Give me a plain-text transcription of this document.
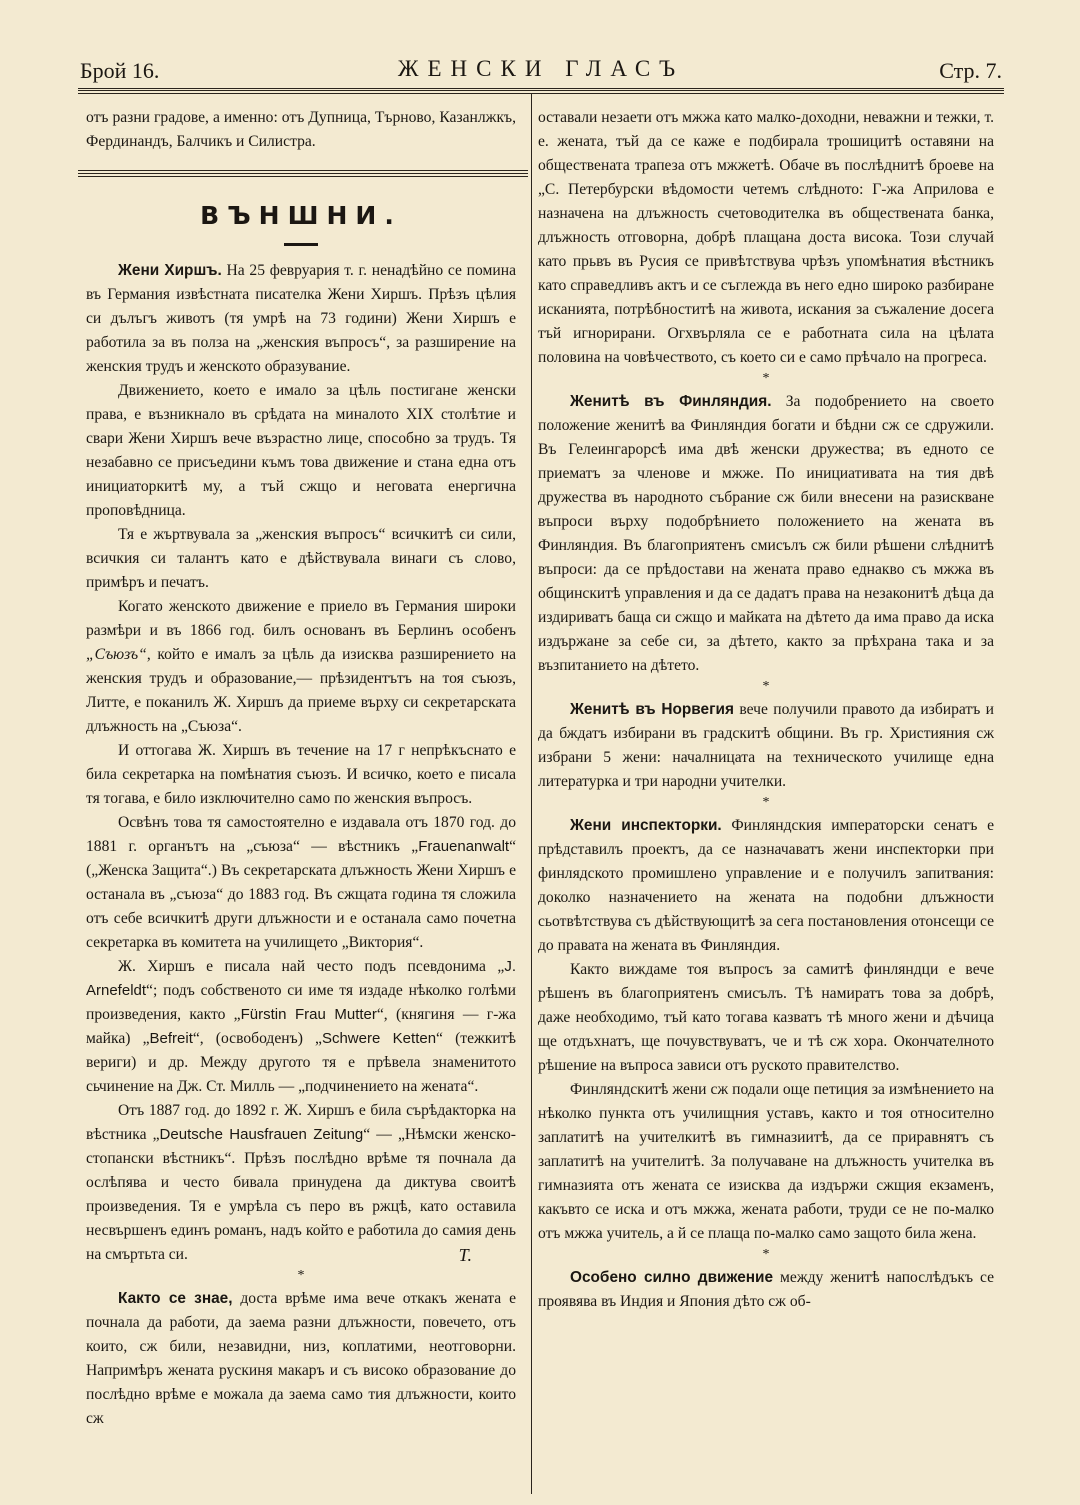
Брой 16.	ЖЕНСКИ ГЛАСЪ	Стр. 7.

отъ разни градове, а именно: отъ Дупница, Търново, Казанлжкъ, Фердинандъ, Балчикъ и Силистра.

ВЪНШНИ.

Жени Хиршъ. На 25 февруария т. г. ненадѣйно се помина въ Германия извѣстната писателка Жени Хиршъ. Прѣзъ цѣлия си дълъгъ животъ (тя умрѣ на 73 години) Жени Хиршъ е работила за въ полза на „женския въпросъ“, за разширение на женския трудъ и женското образувание.

Движението, което е имало за цѣль постигане женски права, е възникнало въ срѣдата на миналото XIX столѣтие и свари Жени Хиршъ вече възрастно лице, способно за трудъ. Тя незабавно се присъедини къмъ това движение и стана една отъ инициаторкитѣ му, а тъй сжщо и неговата енергична проповѣдница.

Тя е жъртвувала за „женския въпросъ“ всичкитѣ си сили, всичкия си талантъ като е дѣйствувала винаги съ слово, примѣръ и печатъ.

Когато женското движение е приело въ Германия широки размѣри и въ 1866 год. билъ основанъ въ Берлинъ особенъ „Съюзъ“, който е ималъ за цѣль да изисква разширението на женския трудъ и образование,— прѣзидентътъ на тоя съюзъ, Литте, е поканилъ Ж. Хиршъ да приеме върху си секретарската длъжность на „Съюза“.

И оттогава Ж. Хиршъ въ течение на 17 г непрѣкъснато е била секретарка на помѣнатия съюзъ. И всичко, което е писала тя тогава, е било изключително само по женския въпросъ.

Освѣнъ това тя самостоятелно е издавала отъ 1870 год. до 1881 г. органътъ на „съюза“ — вѣстникъ „Frauenanwalt“ („Женска Защита“.) Въ секретарската длъжность Жени Хиршъ е останала въ „съюза“ до 1883 год. Въ сжщата година тя сложила отъ себе всичкитѣ други длъжности и е останала само почетна секретарка въ комитета на училището „Виктория“.

Ж. Хиршъ е писала най често подъ псевдонима „J. Arnefeldt“; подъ собственото си име тя издаде нѣколко голѣми произведения, както „Fürstin Frau Mutter“, (княгиня — г-жа майка) „Befreit“, (освободенъ) „Schwere Ketten“ (тежкитѣ вериги) и др. Между другото тя е прѣвела знаменитото сьчинение на Дж. Ст. Милль — „подчинението на жената“.

Отъ 1887 год. до 1892 г. Ж. Хиршъ е била сърѣдакторка на вѣстника „Deutsche Hausfrauen Zeitung“ — „Нѣмски женско-стопански вѣстникъ“. Прѣзъ послѣдно врѣме тя почнала да ослѣпява и често бивала принудена да диктува своитѣ произведения. Тя е умрѣла съ перо въ ржцѣ, като оставила несвършенъ единъ романъ, надъ който е работила до самия день на смъртьта си.	Т.

*

Както се знае, доста врѣме има вече откакъ жената е почнала да работи, да заема разни длъжности, повечето, отъ които, сж били, незавидни, низ, коплатими, неотговорни. Напримѣръ жената рускиня макаръ и съ високо образование до послѣдно врѣме е можала да заема само тия длъжности, които сж

оставали незаети отъ мжжа като малко-доходни, неважни и тежки, т. е. жената, тъй да се каже е подбирала трошицитѣ оставяни на обществената трапеза отъ мжжетѣ. Обаче въ послѣднитѣ броеве на „С. Петербурски вѣдомости четемъ слѣдното: Г-жа Априлова е назначена на длъжность счетоводителка въ обществената банка, длъжность отговорна, добрѣ плащана доста висока. Този случай като прьвъ въ Русия се привѣтствува чрѣзъ упомѣнатия вѣстникъ като справедливъ актъ и се съглежда въ него едно широко разбиране исканията, потрѣбноститѣ на живота, искания за съжаление досега тъй игнорирани. Огхвърляла се е работната сила на цѣлата половина на човѣчеството, съ което си е само прѣчало на прогреса.

*

Женитѣ въ Финляндия. За подобрението на своето положение женитѣ ва Финляндия богати и бѣдни сж се сдружили. Въ Гелеингарорсѣ има двѣ женски дружества; въ едното се приематъ за членове и мжже. По инициативата на тия двѣ дружества въ народното събрание сж били внесени на разискване въпроси върху подобрѣнието положението на жената въ Финляндия. Въ благоприятенъ смисълъ сж били рѣшени слѣднитѣ въпроси: да се прѣдостави на жената право еднакво съ мжжа въ общинскитѣ управления и да се дадатъ права на незаконитѣ дѣца да издириватъ баща си сжщо и майката на дѣтето да има право да иска издържане за себе си, за дѣтето, както за прѣхрана така и за възпитанието на дѣтето.

*

Женитѣ въ Норвегия вече получили правото да избиратъ и да бждатъ избирани въ градскитѣ общини. Въ гр. Християния сж избрани 5 жени: началницата на техническото училище една литературка и три народни учителки.

*

Жени инспекторки. Финляндския императорски сенатъ е прѣдставилъ проектъ, да се назначаватъ жени инспекторки при финлядското промишлено управление и е получилъ запитвания: доколко назначението на жената на подобни длъжности сьотвѣтствува съ дѣйствующитѣ за сега постановления отонсещи се до правата на жената въ Финляндия.

Както виждаме тоя въпросъ за самитѣ финляндци е вече рѣшенъ въ благоприятенъ смисълъ. Тѣ намиратъ това за добрѣ, даже необходимо, тъй като тогава казватъ тѣ много жени и дѣчица ще отдъхнатъ, ще почувствуватъ, че и тѣ сж хора. Окончателното рѣшение на въпроса зависи отъ руското правителство.

Финляндскитѣ жени сж подали още петиция за измѣнението на нѣколко пункта отъ училищния уставъ, както и тоя относително заплатитѣ на учителкитѣ въ гимназиитѣ, да се приравнятъ съ заплатитѣ на учителитѣ. За получаване на длъжность учителка въ гимназията отъ жената се изисква да издържи сжщия екзаменъ, какъвто се иска и отъ мжжа, жената работи, труди се не по-малко отъ мжжа учитель, а й се плаща по-малко само защото била жена.

*

Особено силно движение между женитѣ напослѣдъкъ се проявява въ Индия и Япония дѣто сж об-
